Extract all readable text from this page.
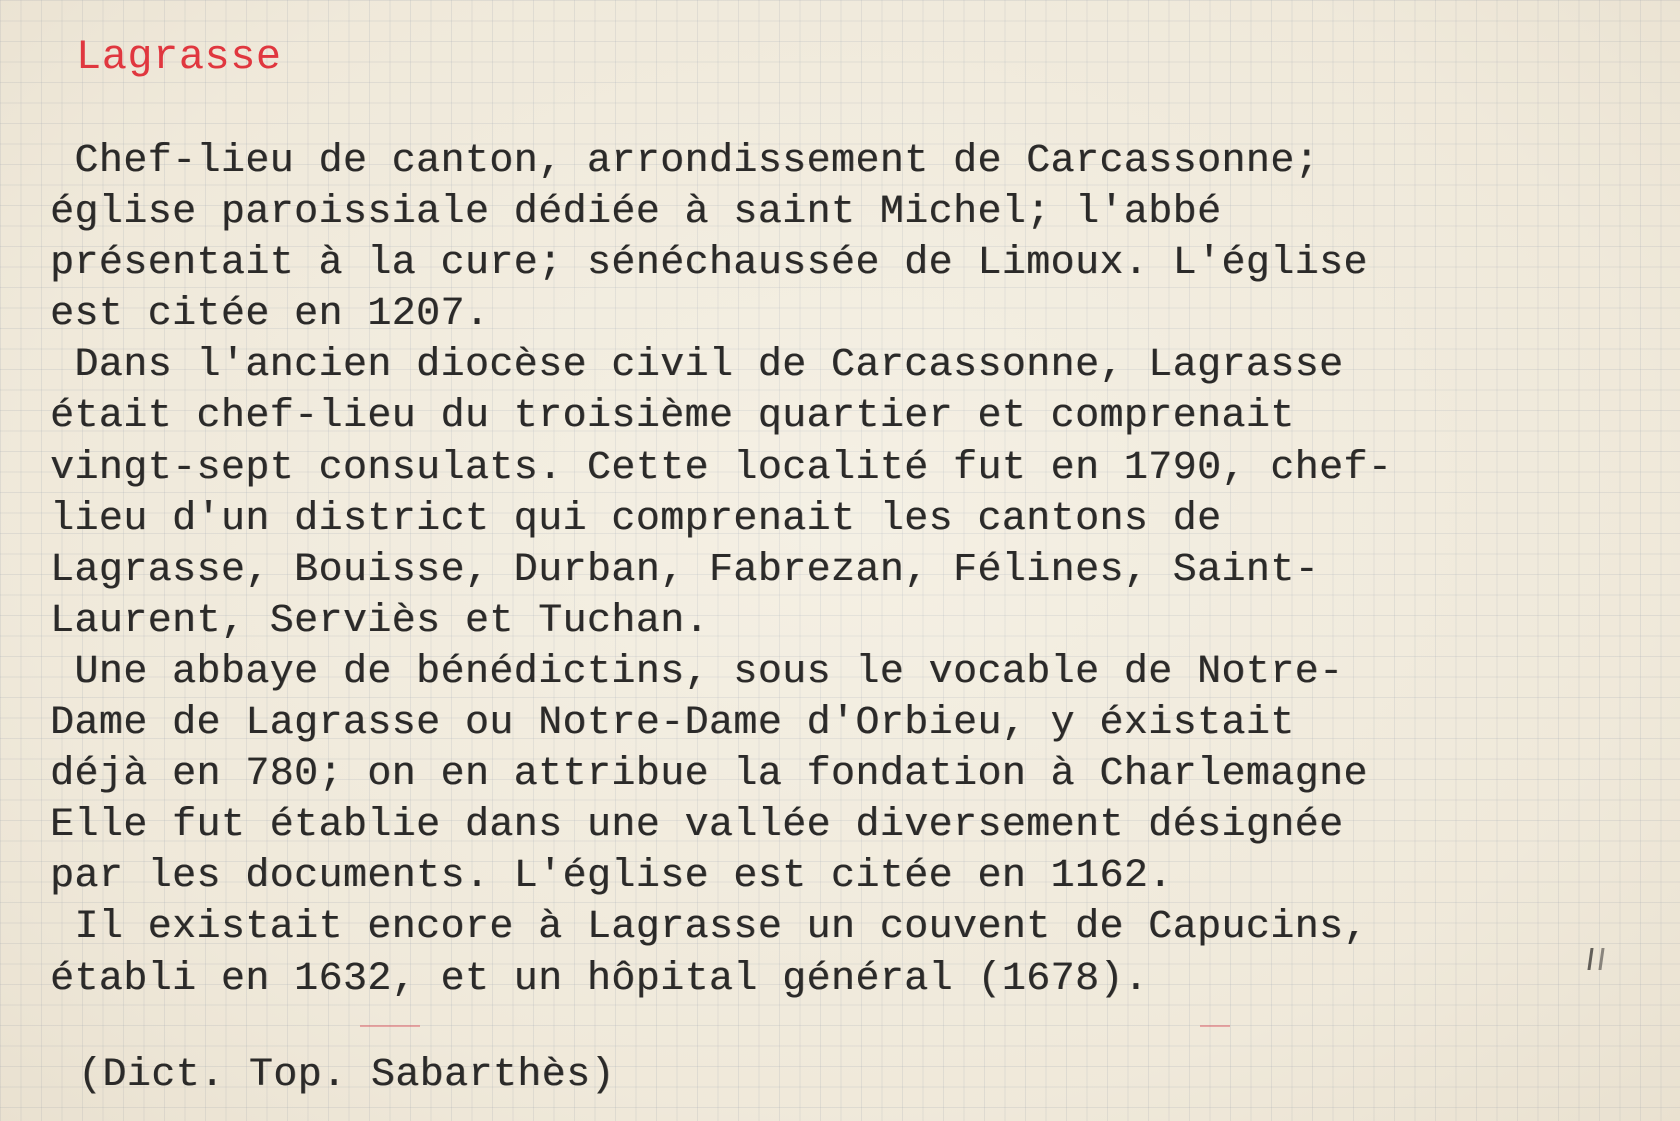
Lagrasse
Chef-lieu de canton, arrondissement de Carcassonne;
église paroissiale dédiée à saint Michel; l'abbé
présentait à la cure; sénéchaussée de Limoux. L'église
est citée en 1207.
Dans l'ancien diocèse civil de Carcassonne, Lagrasse
était chef-lieu du troisième quartier et comprenait
vingt-sept consulats. Cette localité fut en 1790, chef-
lieu d'un district qui comprenait les cantons de
Lagrasse, Bouisse, Durban, Fabrezan, Félines, Saint-
Laurent, Serviès et Tuchan.
Une abbaye de bénédictins, sous le vocable de Notre-
Dame de Lagrasse ou Notre-Dame d'Orbieu, y éxistait
déjà en 780; on en attribue la fondation à Charlemagne
Elle fut établie dans une vallée diversement désignée
par les documents. L'église est citée en 1162.
Il existait encore à Lagrasse un couvent de Capucins,
établi en 1632, et un hôpital général (1678).

(Dict. Top. Sabarthès)
